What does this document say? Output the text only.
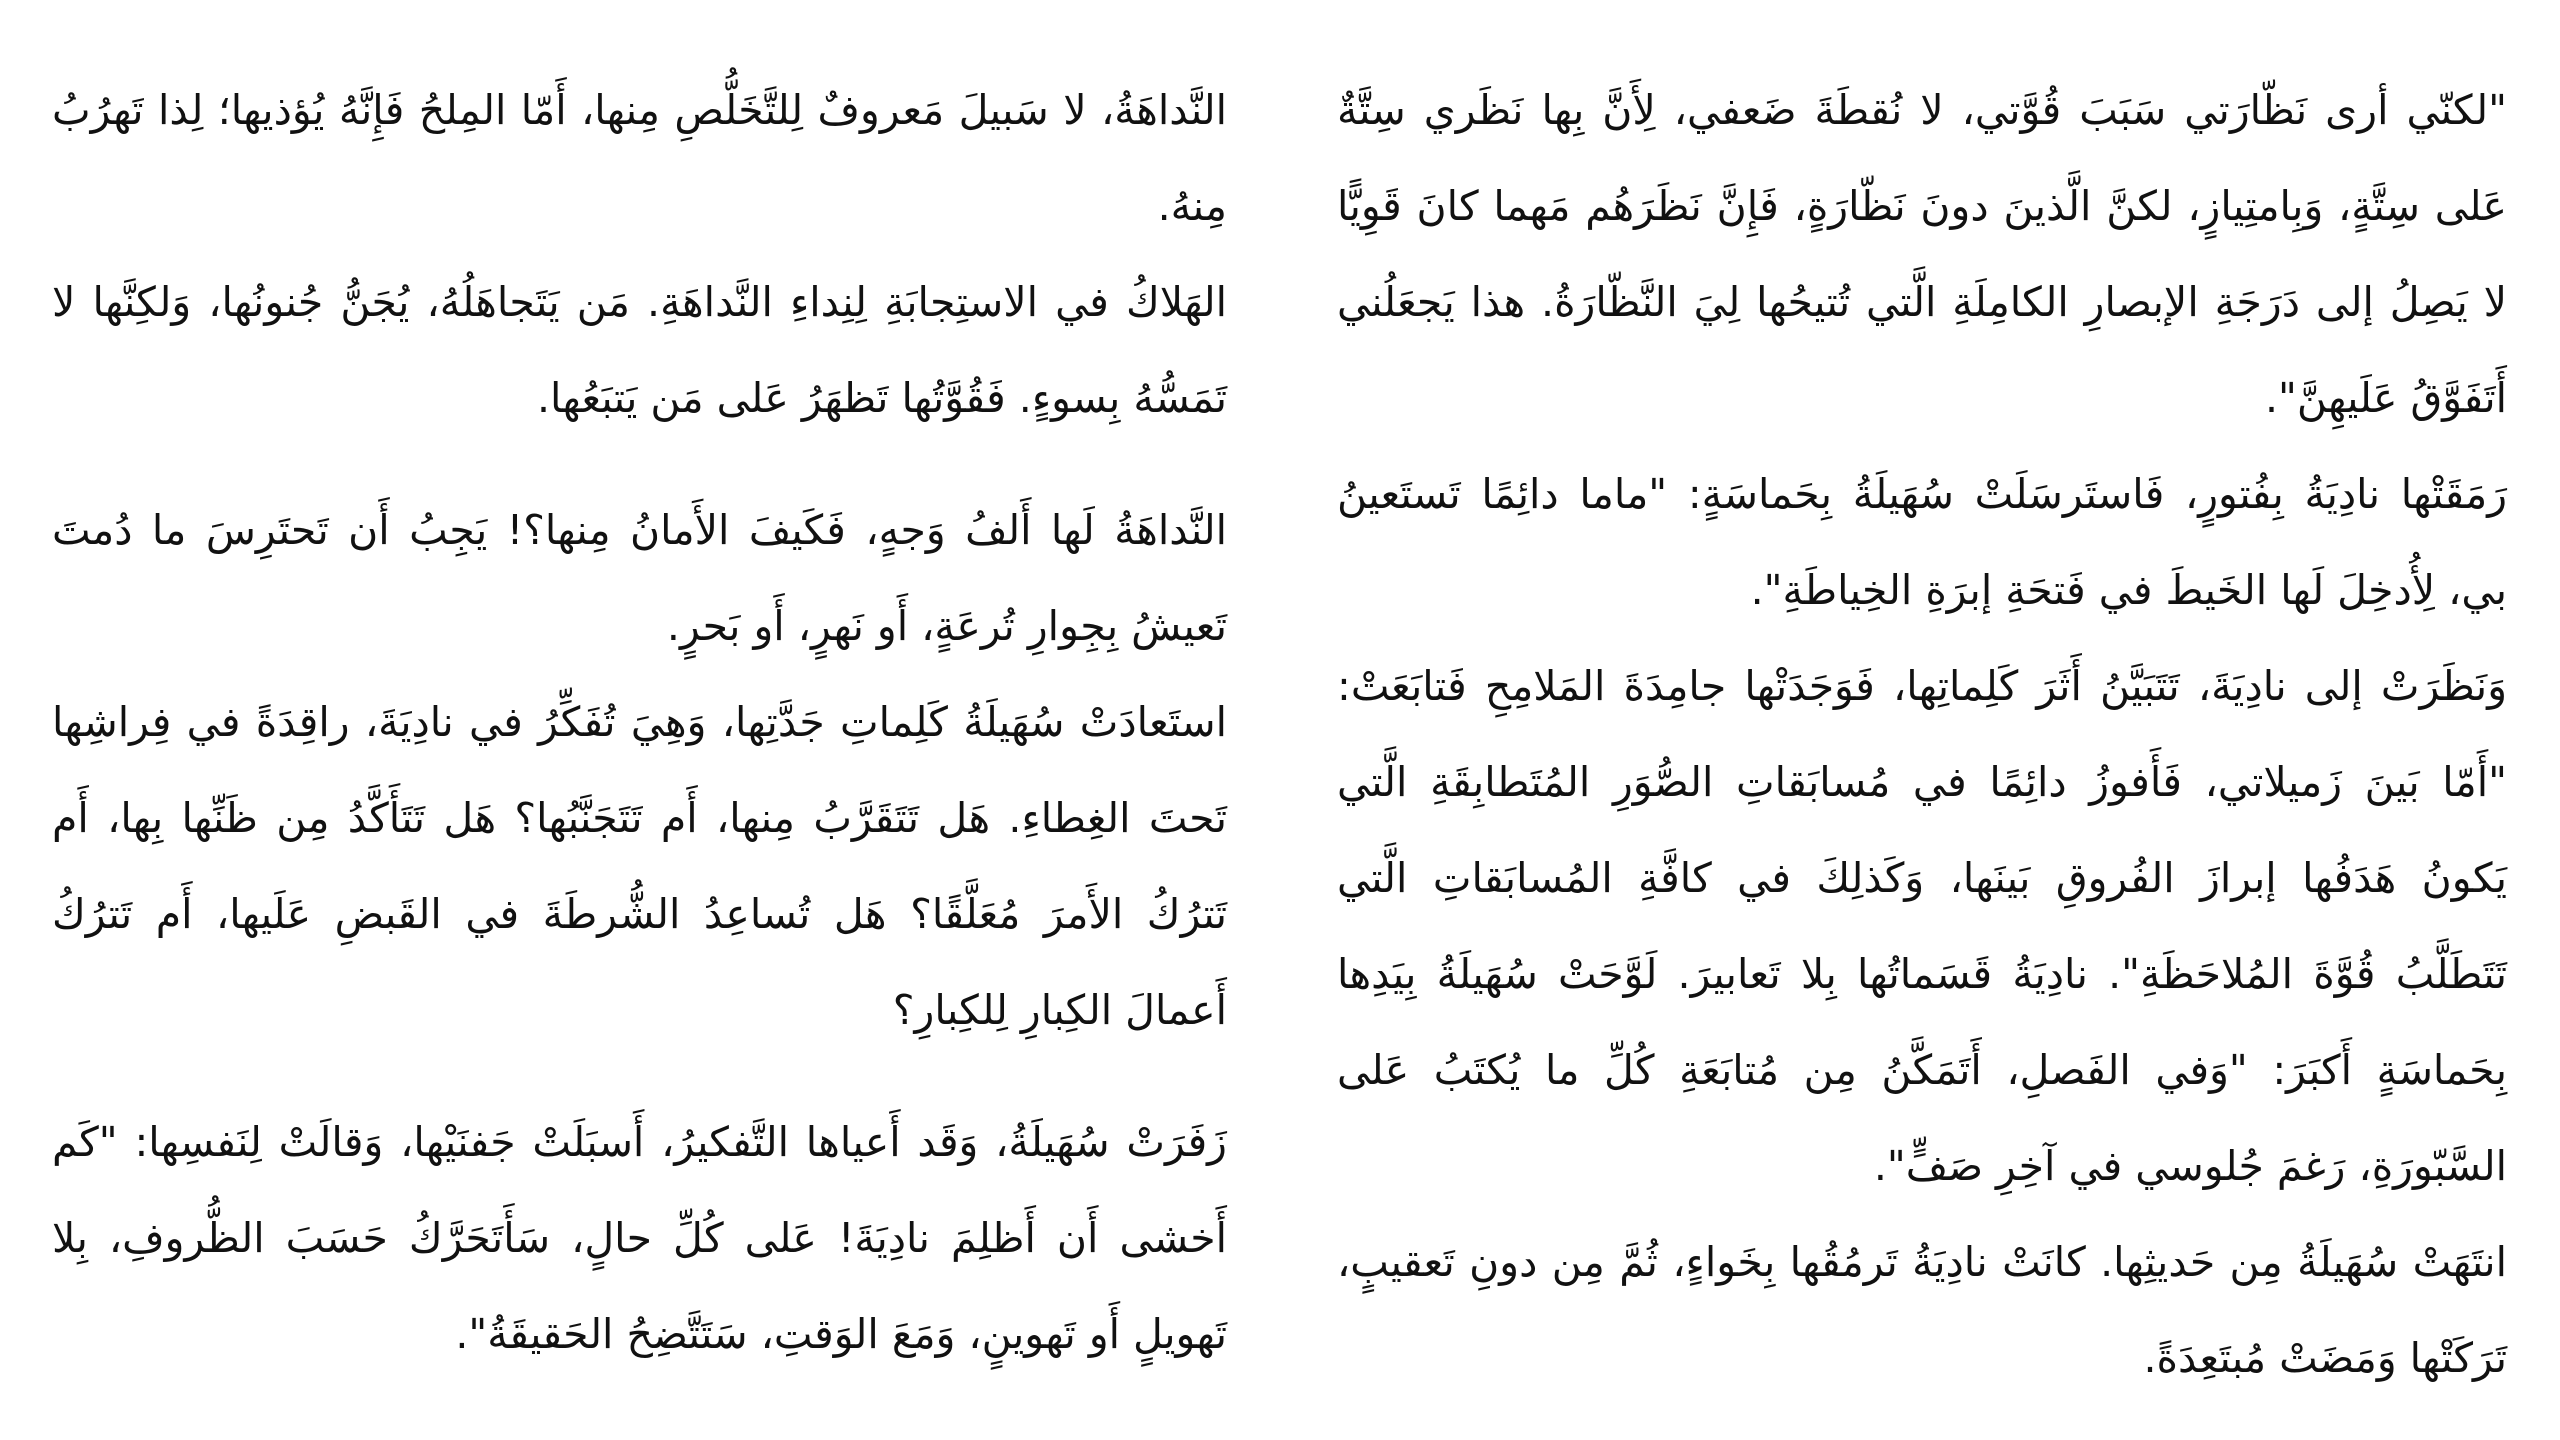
"لكنّي أرى نَظّارَتي سَبَبَ قُوَّتي، لا نُقطَةَ ضَعفي، لِأَنَّ بِها نَظَري سِتَّةٌ عَلى سِتَّةٍ، وَبِامتِيازٍ، لكنَّ الَّذينَ دونَ نَظّارَةٍ، فَإِنَّ نَظَرَهُم مَهما كانَ قَوِيًّا لا يَصِلُ إلى دَرَجَةِ الإبصارِ الكامِلَةِ الَّتي تُتيحُها لِيَ النَّظّارَةُ. هذا يَجعَلُني أَتَفَوَّقُ عَلَيهِنَّ".

رَمَقَتْها نادِيَةُ بِفُتورٍ، فَاستَرسَلَتْ سُهَيلَةُ بِحَماسَةٍ: "ماما دائِمًا تَستَعينُ بي، لِأُدخِلَ لَها الخَيطَ في فَتحَةِ إبرَةِ الخِياطَةِ".

وَنَظَرَتْ إلى نادِيَةَ، تَتَبَيَّنُ أَثَرَ كَلِماتِها، فَوَجَدَتْها جامِدَةَ المَلامِحِ فَتابَعَتْ: "أَمّا بَينَ زَميلاتي، فَأَفوزُ دائِمًا في مُسابَقاتِ الصُّوَرِ المُتَطابِقَةِ الَّتي يَكونُ هَدَفُها إبرازَ الفُروقِ بَينَها، وَكَذلِكَ في كافَّةِ المُسابَقاتِ الَّتي تَتَطَلَّبُ قُوَّةَ المُلاحَظَةِ". نادِيَةُ قَسَماتُها بِلا تَعابيرَ. لَوَّحَتْ سُهَيلَةُ بِيَدِها بِحَماسَةٍ أَكبَرَ: "وَفي الفَصلِ، أَتَمَكَّنُ مِن مُتابَعَةِ كُلِّ ما يُكتَبُ عَلى السَّبّورَةِ، رَغمَ جُلوسي في آخِرِ صَفٍّ".

انتَهَتْ سُهَيلَةُ مِن حَديثِها. كانَتْ نادِيَةُ تَرمُقُها بِخَواءٍ، ثُمَّ مِن دونِ تَعقيبٍ، تَرَكَتْها وَمَضَتْ مُبتَعِدَةً.

النَّداهَةُ، لا سَبيلَ مَعروفٌ لِلتَّخَلُّصِ مِنها، أَمّا المِلحُ فَإِنَّهُ يُؤذيها؛ لِذا تَهرُبُ مِنهُ.

الهَلاكُ في الاستِجابَةِ لِنِداءِ النَّداهَةِ. مَن يَتَجاهَلُهُ، يُجَنُّ جُنونُها، وَلكِنَّها لا تَمَسُّهُ بِسوءٍ. فَقُوَّتُها تَظهَرُ عَلى مَن يَتبَعُها.

النَّداهَةُ لَها أَلفُ وَجهٍ، فَكَيفَ الأَمانُ مِنها؟! يَجِبُ أَن تَحتَرِسَ ما دُمتَ تَعيشُ بِجِوارِ تُرعَةٍ، أَو نَهرٍ، أَو بَحرٍ.

استَعادَتْ سُهَيلَةُ كَلِماتِ جَدَّتِها، وَهِيَ تُفَكِّرُ في نادِيَةَ، راقِدَةً في فِراشِها تَحتَ الغِطاءِ. هَل تَتَقَرَّبُ مِنها، أَم تَتَجَنَّبُها؟ هَل تَتَأَكَّدُ مِن ظَنِّها بِها، أَم تَترُكُ الأَمرَ مُعَلَّقًا؟ هَل تُساعِدُ الشُّرطَةَ في القَبضِ عَلَيها، أَم تَترُكُ أَعمالَ الكِبارِ لِلكِبارِ؟

زَفَرَتْ سُهَيلَةُ، وَقَد أَعياها التَّفكيرُ، أَسبَلَتْ جَفنَيْها، وَقالَتْ لِنَفسِها: "كَم أَخشى أَن أَظلِمَ نادِيَةَ! عَلى كُلِّ حالٍ، سَأَتَحَرَّكُ حَسَبَ الظُّروفِ، بِلا تَهويلٍ أَو تَهوينٍ، وَمَعَ الوَقتِ، سَتَتَّضِحُ الحَقيقَةُ".
